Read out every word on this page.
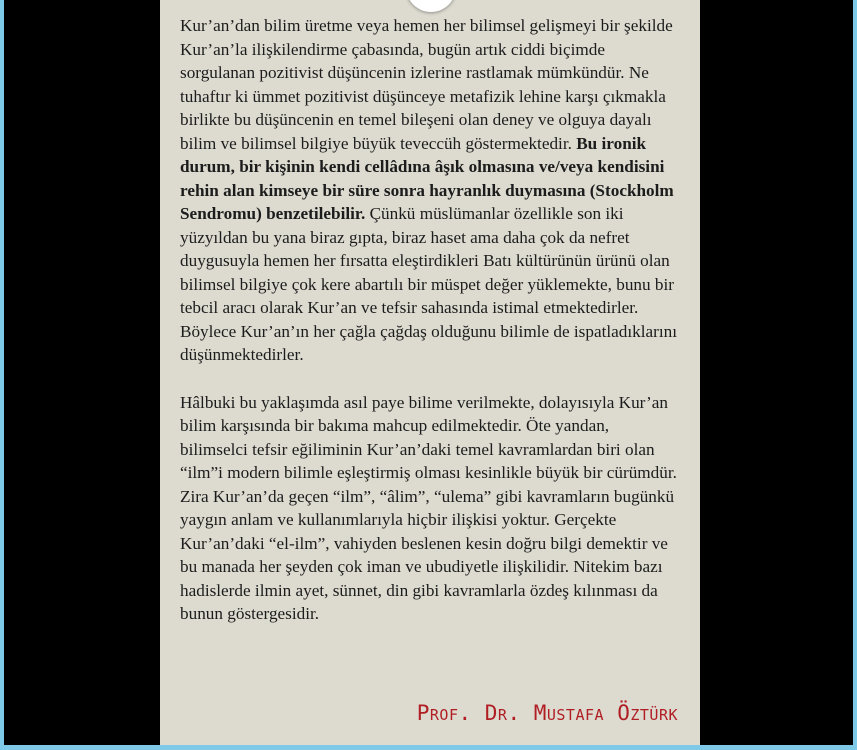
Kur’an’dan bilim üretme veya hemen her bilimsel gelişmeyi bir şekilde Kur’an’la ilişkilendirme çabasında, bugün artık ciddi biçimde sorgulanan pozitivist düşüncenin izlerine rastlamak mümkündür. Ne tuhaftır ki ümmet pozitivist düşünceye metafizik lehine karşı çıkmakla birlikte bu düşüncenin en temel bileşeni olan deney ve olguya dayalı bilim ve bilimsel bilgiye büyük teveccüh göstermektedir. Bu ironik durum, bir kişinin kendi cellâdına âşık olmasına ve/veya kendisini rehin alan kimseye bir süre sonra hayranlık duymasına (Stockholm Sendromu) benzetilebilir. Çünkü müslümanlar özellikle son iki yüzyıldan bu yana biraz gıpta, biraz haset ama daha çok da nefret duygusuyla hemen her fırsatta eleştirdikleri Batı kültürünün ürünü olan bilimsel bilgiye çok kere abartılı bir müspet değer yüklemekte, bunu bir tebcil aracı olarak Kur’an ve tefsir sahasında istimal etmektedirler. Böylece Kur’an’ın her çağla çağdaş olduğunu bilimle de ispatladıklarını düşünmektedirler.

Hâlbuki bu yaklaşımda asıl paye bilime verilmekte, dolayısıyla Kur’an bilim karşısında bir bakıma mahcup edilmektedir. Öte yandan, bilimselci tefsir eğiliminin Kur’an’daki temel kavramlardan biri olan “ilm”i modern bilimle eşleştirmiş olması kesinlikle büyük bir cürümdür. Zira Kur’an’da geçen “ilm”, “âlim”, “ulema” gibi kavramların bugünkü yaygın anlam ve kullanımlarıyla hiçbir ilişkisi yoktur. Gerçekte Kur’an’daki “el-ilm”, vahiyden beslenen kesin doğru bilgi demektir ve bu manada her şeyden çok iman ve ubudiyetle ilişkilidir. Nitekim bazı hadislerde ilmin ayet, sünnet, din gibi kavramlarla özdeş kılınması da bunun göstergesidir.

Prof. Dr. Mustafa Öztürk
